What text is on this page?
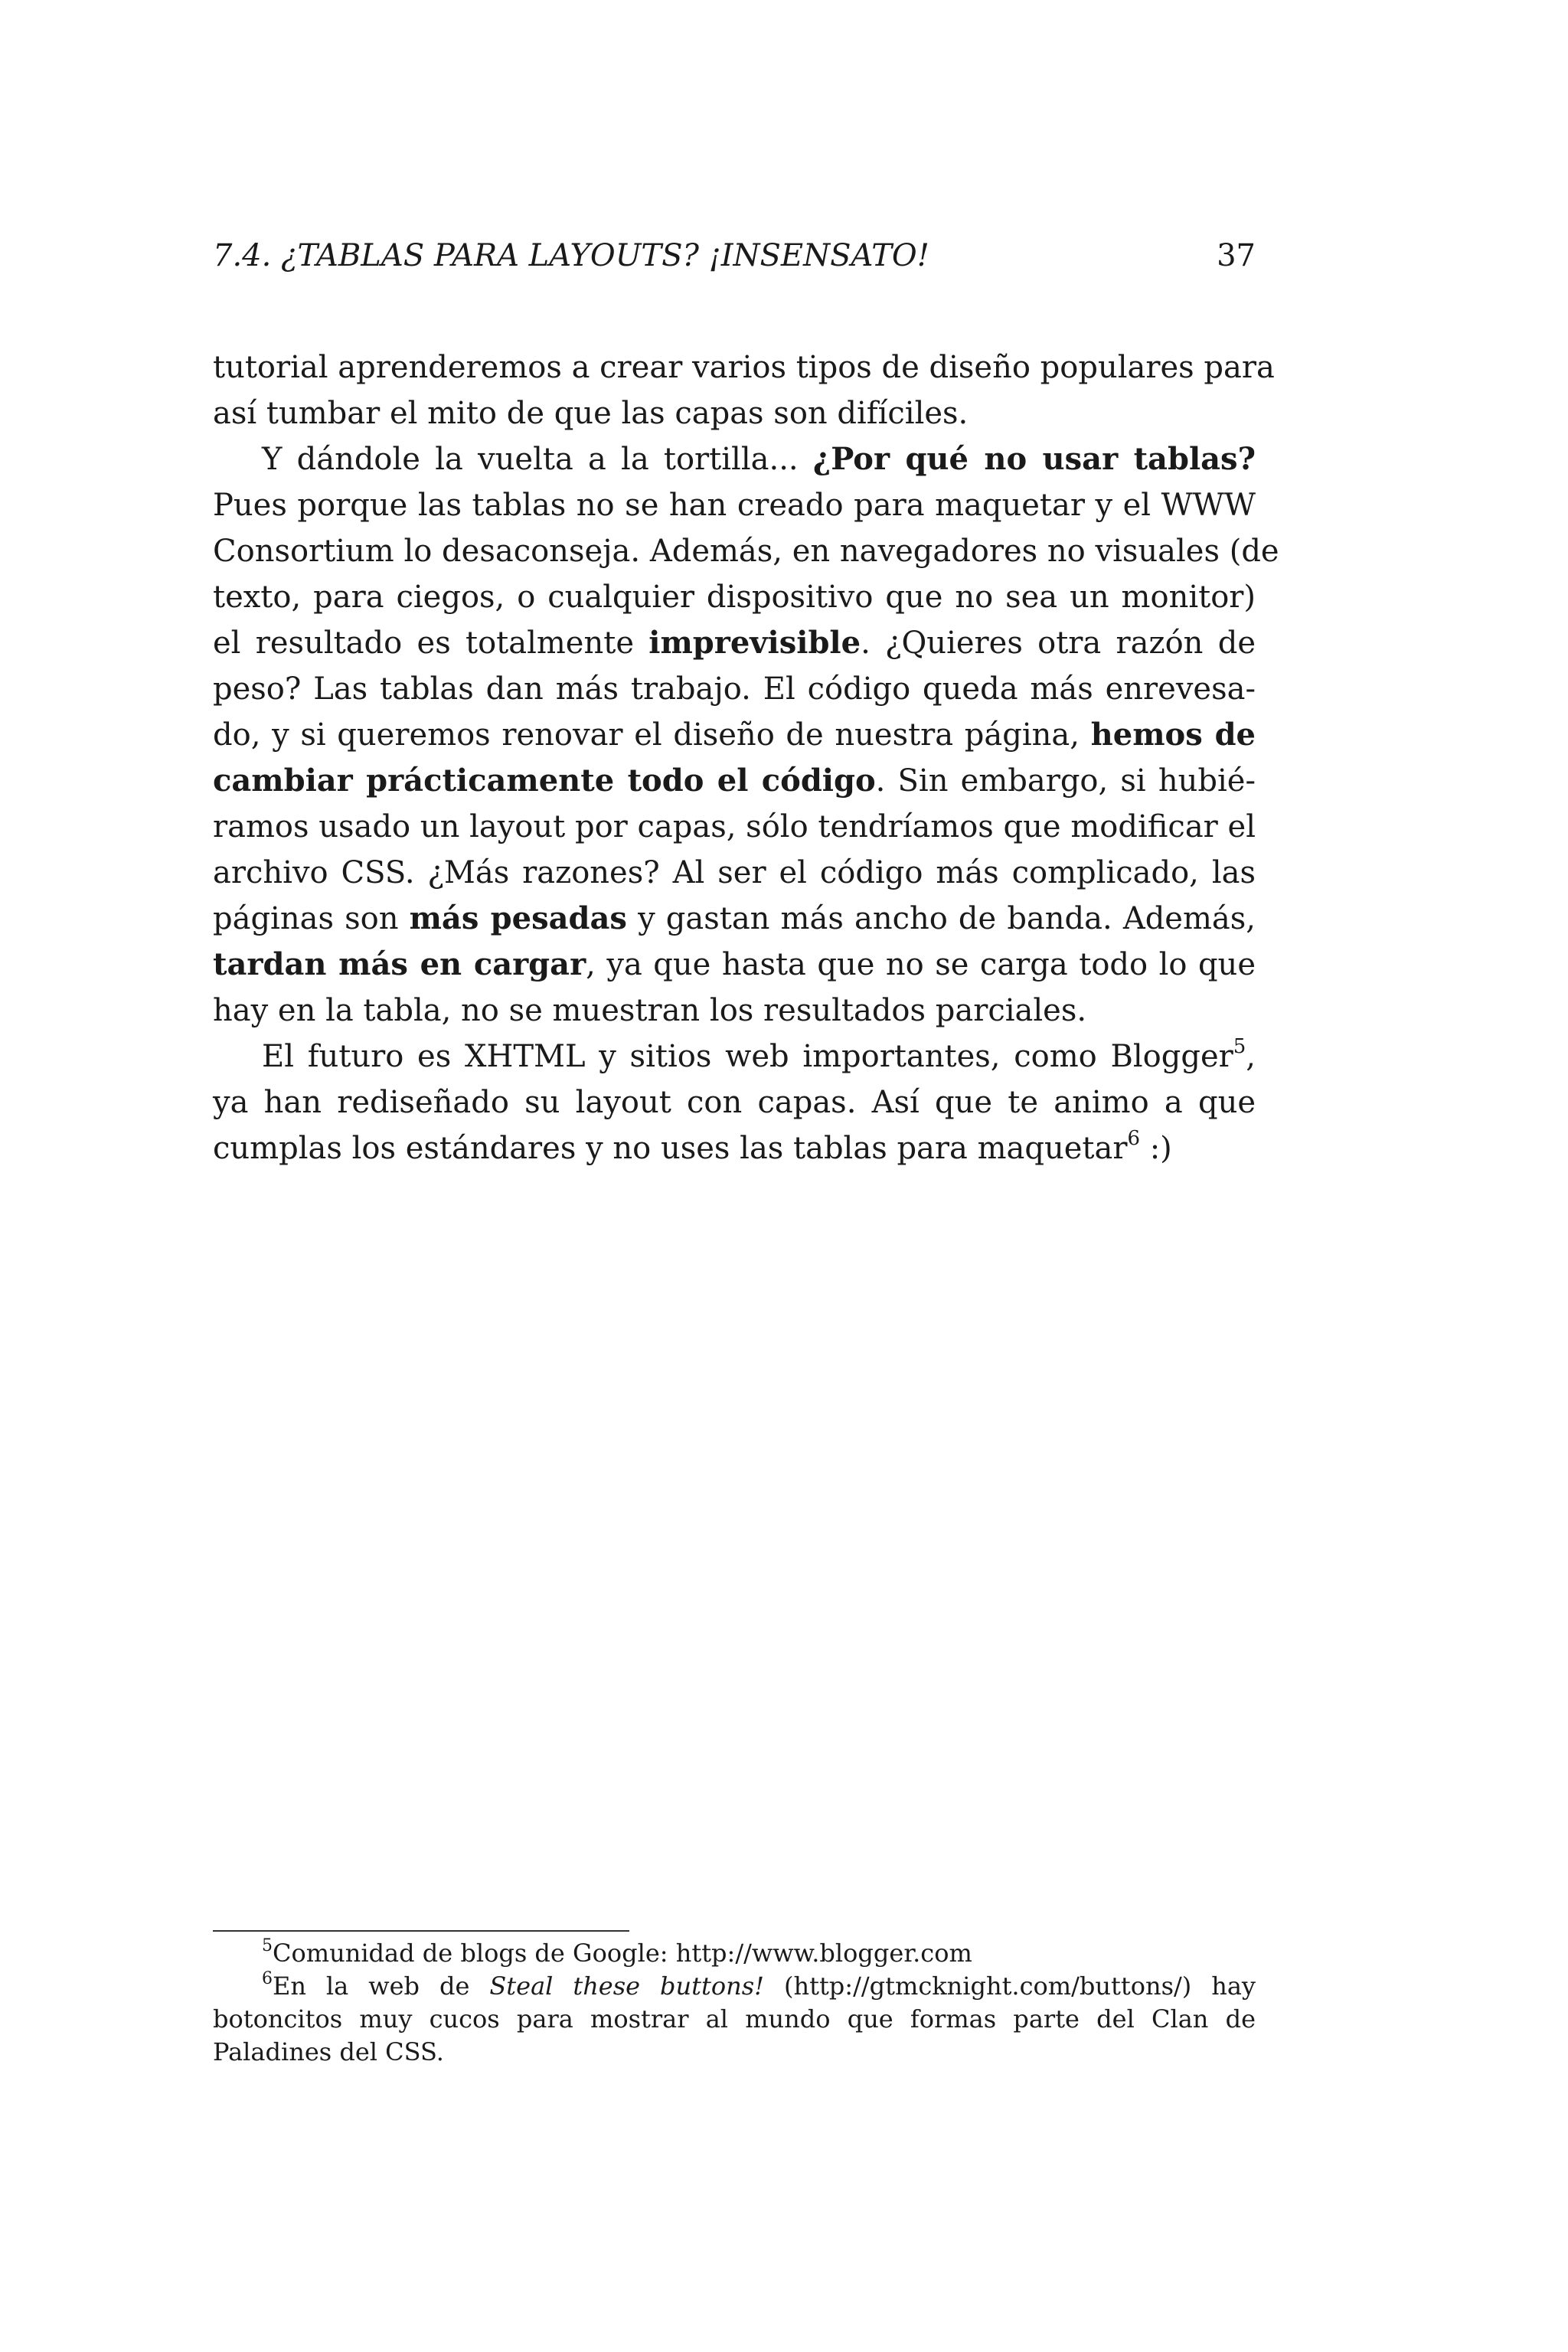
7.4. ¿TABLAS PARA LAYOUTS? ¡INSENSATO!	37
tutorial aprenderemos a crear varios tipos de diseño populares para
así tumbar el mito de que las capas son difíciles.
Y dándole la vuelta a la tortilla... ¿Por qué no usar tablas?
Pues porque las tablas no se han creado para maquetar y el WWW
Consortium lo desaconseja. Además, en navegadores no visuales (de
texto, para ciegos, o cualquier dispositivo que no sea un monitor)
el resultado es totalmente imprevisible. ¿Quieres otra razón de
peso? Las tablas dan más trabajo. El código queda más enrevesa-
do, y si queremos renovar el diseño de nuestra página, hemos de
cambiar prácticamente todo el código. Sin embargo, si hubié-
ramos usado un layout por capas, sólo tendríamos que modificar el
archivo CSS. ¿Más razones? Al ser el código más complicado, las
páginas son más pesadas y gastan más ancho de banda. Además,
tardan más en cargar, ya que hasta que no se carga todo lo que
hay en la tabla, no se muestran los resultados parciales.
El futuro es XHTML y sitios web importantes, como Blogger$^5$,
ya han rediseñado su layout con capas. Así que te animo a que
cumplas los estándares y no uses las tablas para maquetar$^6$ :)
$^5$Comunidad de blogs de Google: http://www.blogger.com
$^6$En la web de Steal these buttons! (http://gtmcknight.com/buttons/) hay
botoncitos muy cucos para mostrar al mundo que formas parte del Clan de
Paladines del CSS.
